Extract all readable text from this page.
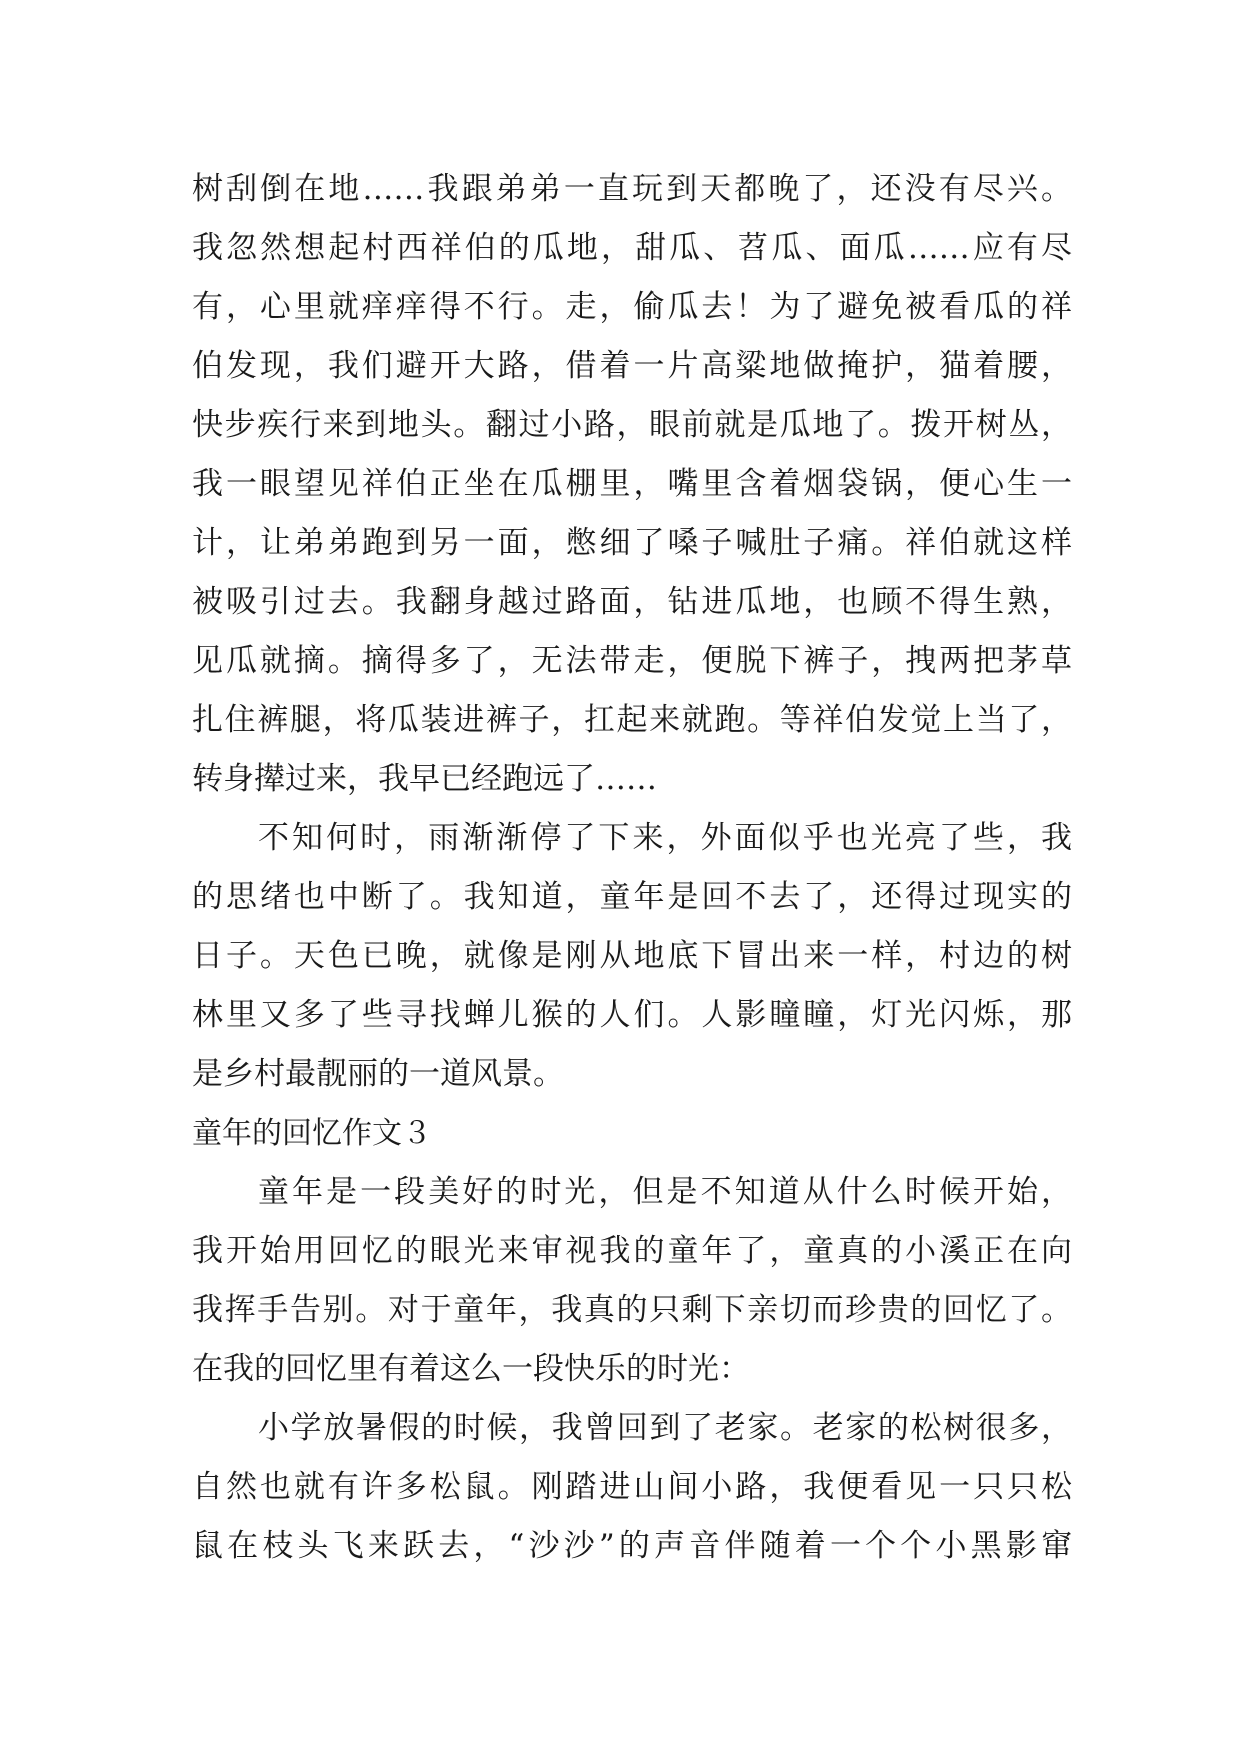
树刮倒在地……我跟弟弟一直玩到天都晚了，还没有尽兴。
我忽然想起村西祥伯的瓜地，甜瓜、苕瓜、面瓜……应有尽
有，心里就痒痒得不行。走，偷瓜去！为了避免被看瓜的祥
伯发现，我们避开大路，借着一片高粱地做掩护，猫着腰，
快步疾行来到地头。翻过小路，眼前就是瓜地了。拨开树丛，
我一眼望见祥伯正坐在瓜棚里，嘴里含着烟袋锅，便心生一
计，让弟弟跑到另一面，憋细了嗓子喊肚子痛。祥伯就这样
被吸引过去。我翻身越过路面，钻进瓜地，也顾不得生熟，
见瓜就摘。摘得多了，无法带走，便脱下裤子，拽两把茅草
扎住裤腿，将瓜装进裤子，扛起来就跑。等祥伯发觉上当了，
转身撵过来，我早已经跑远了……
不知何时，雨渐渐停了下来，外面似乎也光亮了些，我
的思绪也中断了。我知道，童年是回不去了，还得过现实的
日子。天色已晚，就像是刚从地底下冒出来一样，村边的树
林里又多了些寻找蝉儿猴的人们。人影瞳瞳，灯光闪烁，那
是乡村最靓丽的一道风景。
童年的回忆作文３
童年是一段美好的时光，但是不知道从什么时候开始，
我开始用回忆的眼光来审视我的童年了，童真的小溪正在向
我挥手告别。对于童年，我真的只剩下亲切而珍贵的回忆了。
在我的回忆里有着这么一段快乐的时光：
小学放暑假的时候，我曾回到了老家。老家的松树很多，
自然也就有许多松鼠。刚踏进山间小路，我便看见一只只松
鼠在枝头飞来跃去，“沙沙”的声音伴随着一个个小黑影窜
